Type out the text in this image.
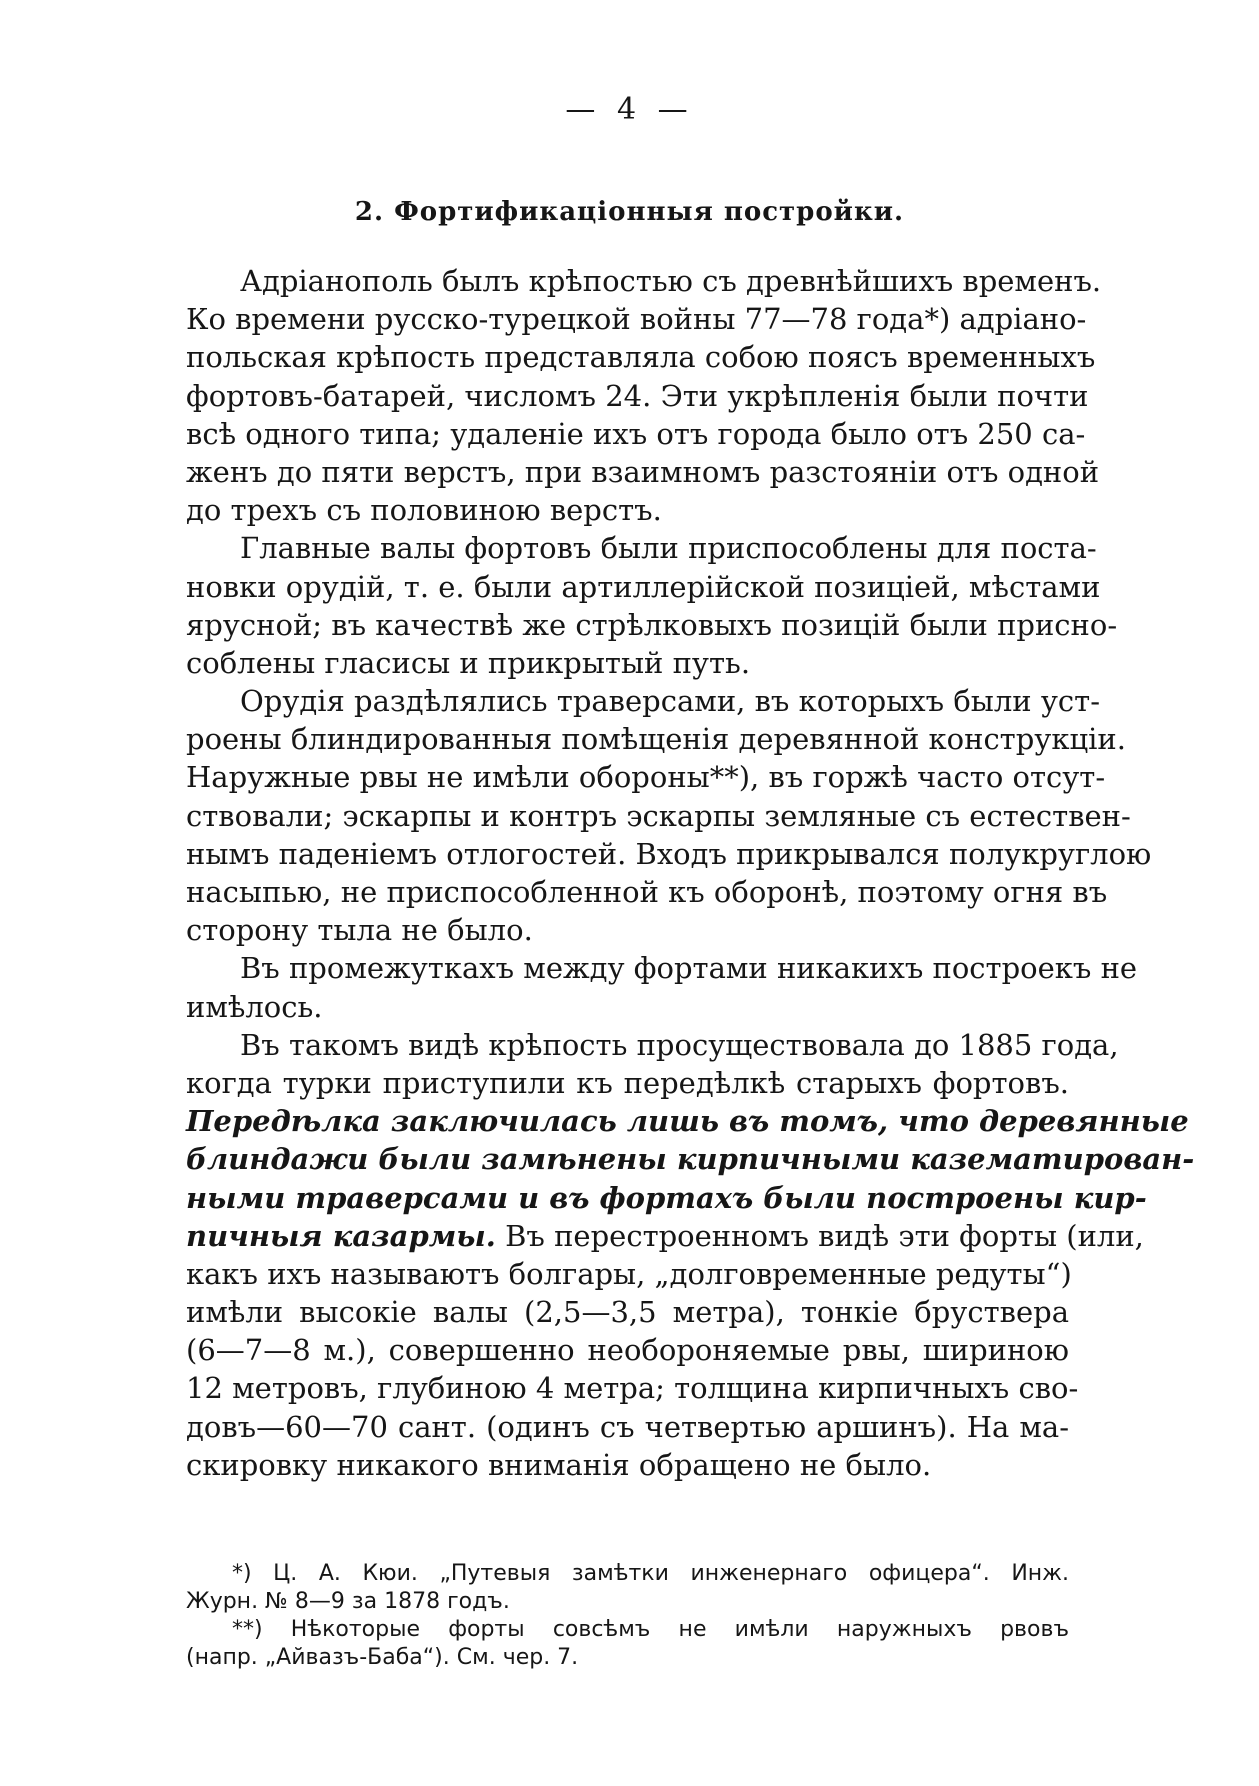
— 4 —
2. Фортификаціонныя постройки.
Адріанополь былъ крѣпостью съ древнѣйшихъ временъ.
Ко времени русско-турецкой войны 77—78 года*) адріано-
польская крѣпость представляла собою поясъ временныхъ
фортовъ-батарей, числомъ 24. Эти укрѣпленія были почти
всѣ одного типа; удаленіе ихъ отъ города было отъ 250 са-
женъ до пяти верстъ, при взаимномъ разстояніи отъ одной
до трехъ съ половиною верстъ.
Главные валы фортовъ были приспособлены для поста-
новки орудій, т. е. были артиллерійской позиціей, мѣстами
ярусной; въ качествѣ же стрѣлковыхъ позицій были присно-
соблены гласисы и прикрытый путь.
Орудія раздѣлялись траверсами, въ которыхъ были уст-
роены блиндированныя помѣщенія деревянной конструкціи.
Наружные рвы не имѣли обороны**), въ горжѣ часто отсут-
ствовали; эскарпы и контръ эскарпы земляные съ естествен-
нымъ паденіемъ отлогостей. Входъ прикрывался полукруглою
насыпью, не приспособленной къ оборонѣ, поэтому огня въ
сторону тыла не было.
Въ промежуткахъ между фортами никакихъ построекъ не
имѣлось.
Въ такомъ видѣ крѣпость просуществовала до 1885 года,
когда турки приступили къ передѣлкѣ старыхъ фортовъ.
Передѣлка заключилась лишь въ томъ, что деревянные
блиндажи были замѣнены кирпичными казематирован-
ными траверсами и въ фортахъ были построены кир-
пичныя казармы. Въ перестроенномъ видѣ эти форты (или,
какъ ихъ называютъ болгары, „долговременные редуты“)
имѣли высокіе валы (2,5—3,5 метра), тонкіе бруствера
(6—7—8 м.), совершенно необороняемые рвы, шириною
12 метровъ, глубиною 4 метра; толщина кирпичныхъ сво-
довъ—60—70 сант. (одинъ съ четвертью аршинъ). На ма-
скировку никакого вниманія обращено не было.
*) Ц. А. Кюи. „Путевыя замѣтки инженернаго офицера“. Инж.
Журн. № 8—9 за 1878 годъ.
**) Нѣкоторые форты совсѣмъ не имѣли наружныхъ рвовъ
(напр. „Айвазъ-Баба“). См. чер. 7.
